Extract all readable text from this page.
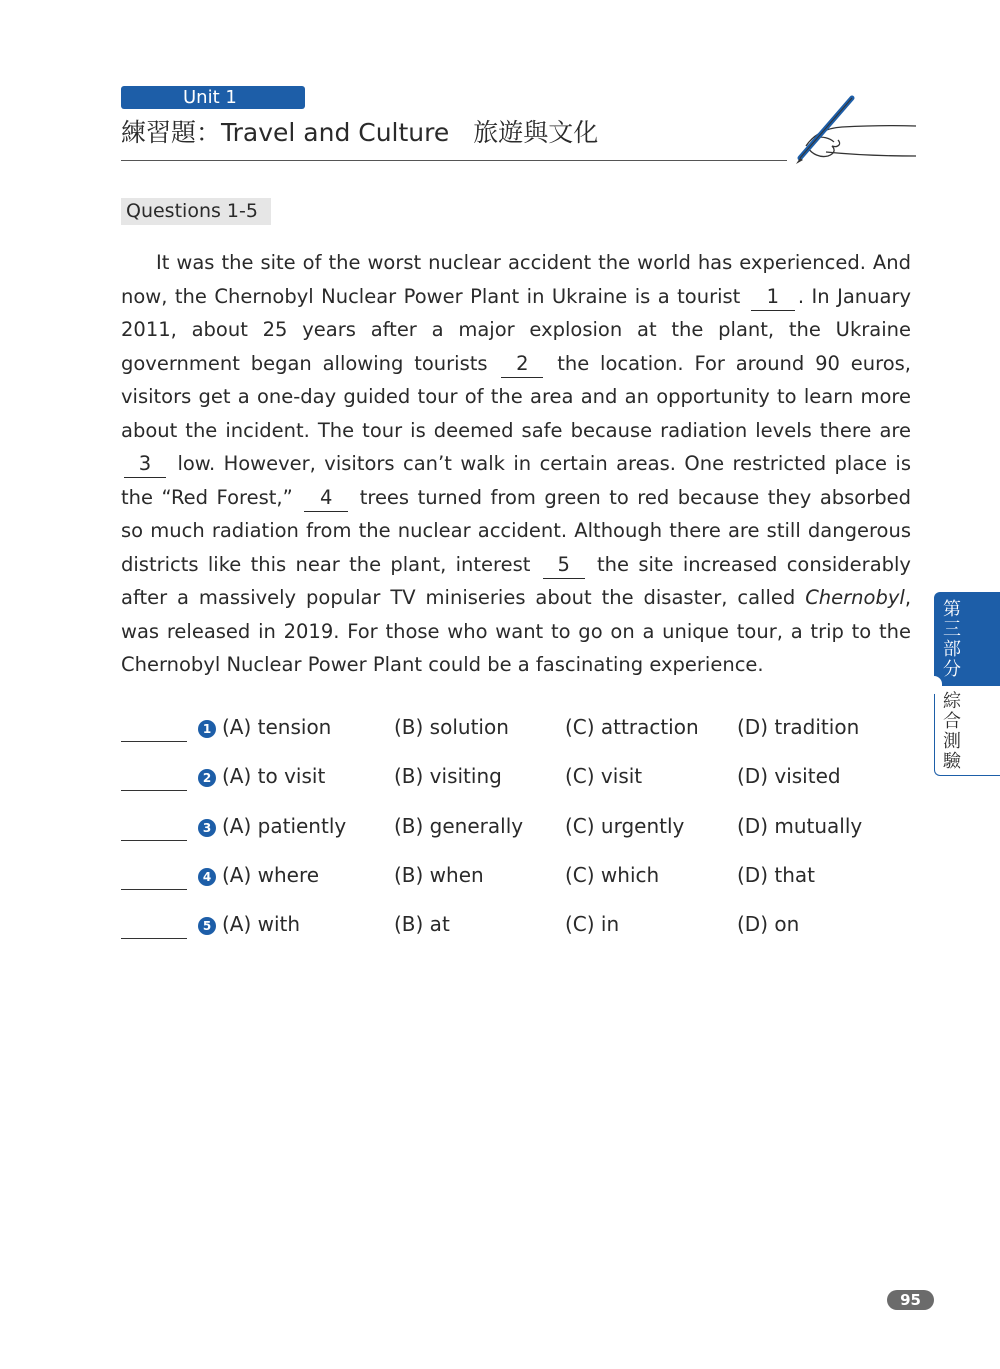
Unit 1
練習題：Travel and Culture 旅遊與文化
Questions 1-5
It was the site of the worst nuclear accident the world has experienced. And now, the Chernobyl Nuclear Power Plant in Ukraine is a tourist 1 . In January 2011, about 25 years after a major explosion at the plant, the Ukraine government began allowing tourists 2 the location. For around 90 euros, visitors get a one-day guided tour of the area and an opportunity to learn more about the incident. The tour is deemed safe because radiation levels there are 3 low. However, visitors can’t walk in certain areas. One restricted place is the “Red Forest,” 4 trees turned from green to red because they absorbed so much radiation from the nuclear accident. Although there are still dangerous districts like this near the plant, interest 5 the site increased considerably after a massively popular TV miniseries about the disaster, called Chernobyl, was released in 2019. For those who want to go on a unique tour, a trip to the Chernobyl Nuclear Power Plant could be a fascinating experience.
1 (A) tension	(B) solution	(C) attraction (D) tradition
2 (A) to visit	(B) visiting	(C) visit	(D) visited
3 (A) patiently (B) generally (C) urgently	(D) mutually
4 (A) where	(B) when	(C) which	(D) that
5 (A) with	(B) at	(C) in	(D) on
第三部分
綜合測驗
95
